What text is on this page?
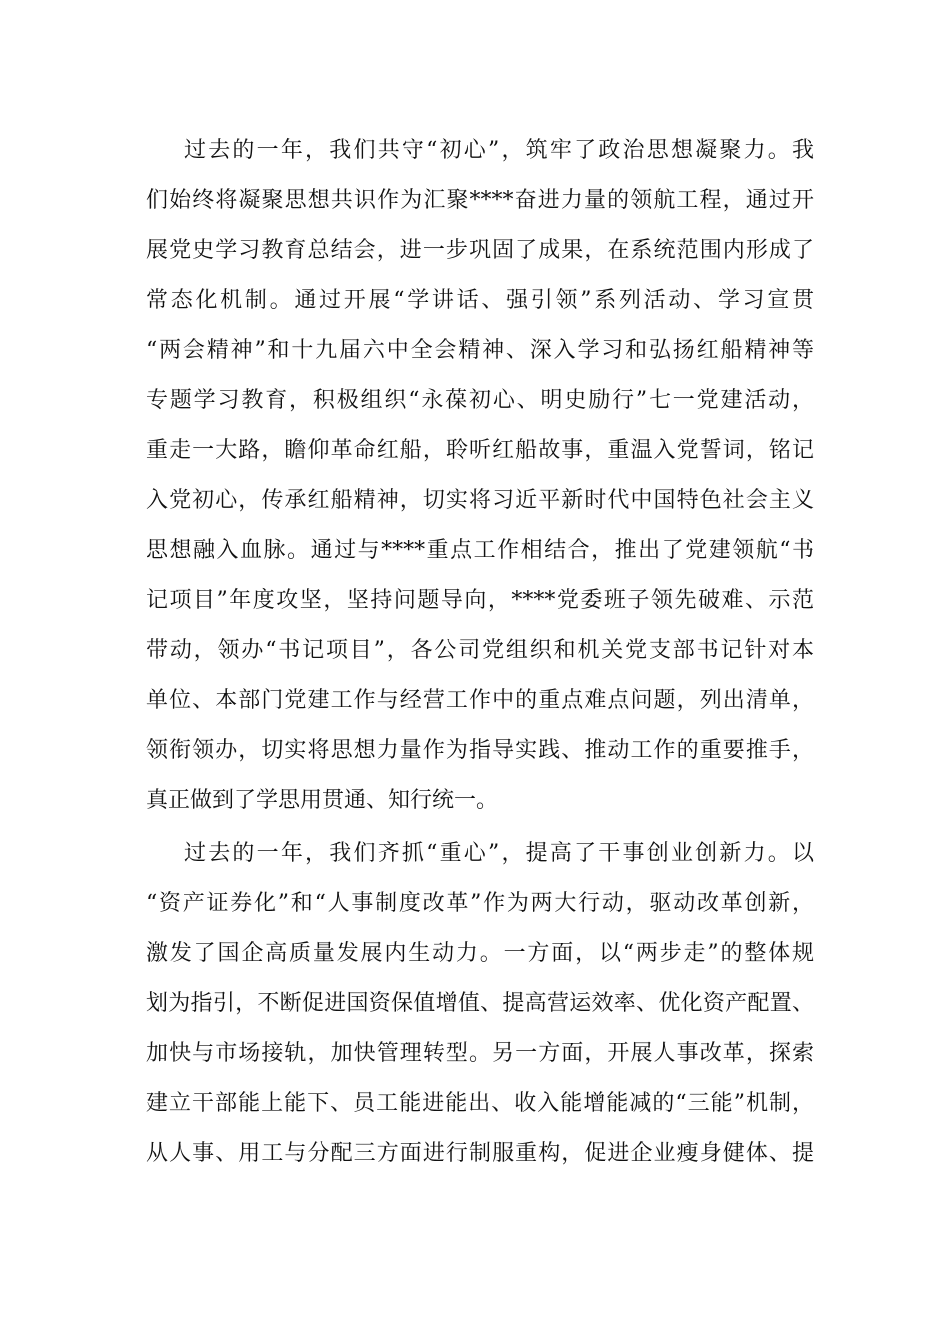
过去的一年，我们共守“初心”，筑牢了政治思想凝聚力。我
们始终将凝聚思想共识作为汇聚****奋进力量的领航工程，通过开
展党史学习教育总结会，进一步巩固了成果，在系统范围内形成了
常态化机制。通过开展“学讲话、强引领”系列活动、学习宣贯
“两会精神”和十九届六中全会精神、深入学习和弘扬红船精神等
专题学习教育，积极组织“永葆初心、明史励行”七一党建活动，
重走一大路，瞻仰革命红船，聆听红船故事，重温入党誓词，铭记
入党初心，传承红船精神，切实将习近平新时代中国特色社会主义
思想融入血脉。通过与****重点工作相结合，推出了党建领航“书
记项目”年度攻坚，坚持问题导向，****党委班子领先破难、示范
带动，领办“书记项目”，各公司党组织和机关党支部书记针对本
单位、本部门党建工作与经营工作中的重点难点问题，列出清单，
领衔领办，切实将思想力量作为指导实践、推动工作的重要推手，
真正做到了学思用贯通、知行统一。

过去的一年，我们齐抓“重心”，提高了干事创业创新力。以
“资产证券化”和“人事制度改革”作为两大行动，驱动改革创新，
激发了国企高质量发展内生动力。一方面，以“两步走”的整体规
划为指引，不断促进国资保值增值、提高营运效率、优化资产配置、
加快与市场接轨，加快管理转型。另一方面，开展人事改革，探索
建立干部能上能下、员工能进能出、收入能增能减的“三能”机制，
从人事、用工与分配三方面进行制服重构，促进企业瘦身健体、提
